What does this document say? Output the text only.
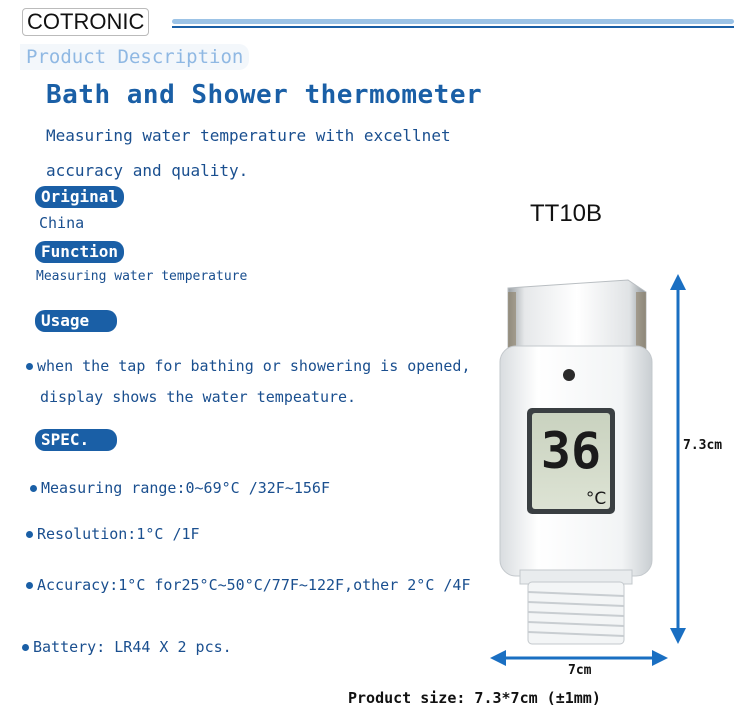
COTRONIC
Product Description
Bath and Shower thermometer
Measuring water temperature with excellnet
accuracy and quality.
Original
China
Function
Measuring water temperature
Usage
when the tap for bathing or showering is opened,
display shows the water tempeature.
SPEC.
Measuring range:0~69°C /32F~156F
Resolution:1°C /1F
Accuracy:1°C for25°C~50°C/77F~122F,other 2°C /4F
Battery: LR44 X 2 pcs.
TT10B
36
°C
7.3cm
7cm
Product size: 7.3*7cm (±1mm)
